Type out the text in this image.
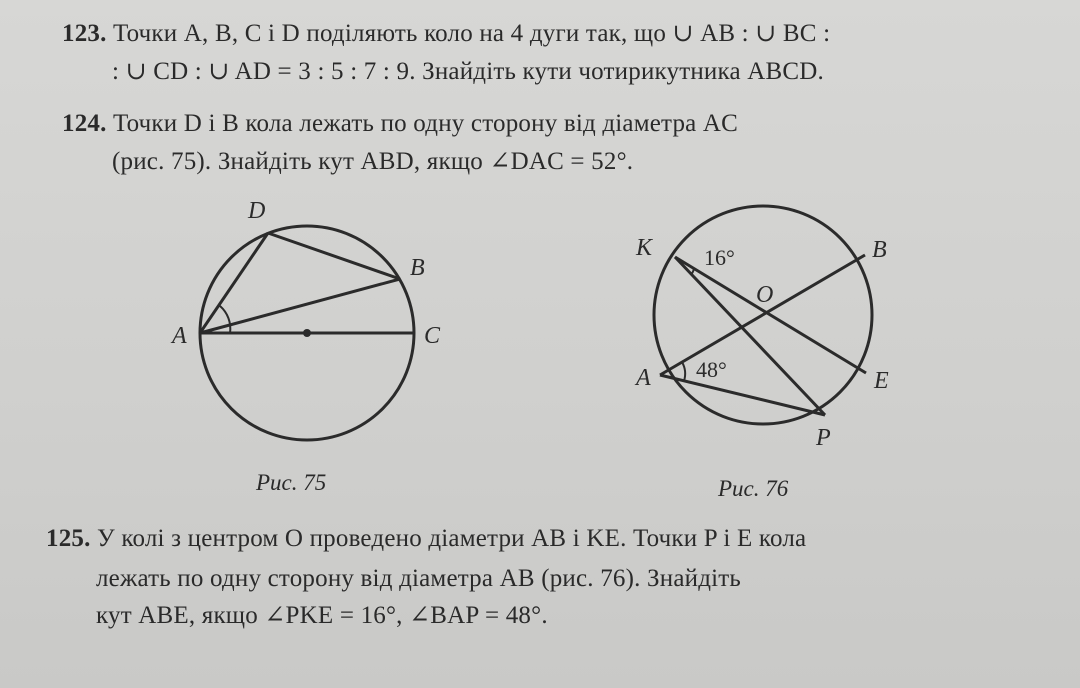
123. Точки A, B, C і D поділяють коло на 4 дуги так, що ∪ AB : ∪ BC :
: ∪ CD : ∪ AD = 3 : 5 : 7 : 9. Знайдіть кути чотирикутника ABCD.
124. Точки D і B кола лежать по одну сторону від діаметра AC
(рис. 75). Знайдіть кут ABD, якщо ∠DAC = 52°.
D
B
A	C
Рис. 75
K	B
O
A	E
P
16°
48°
Рис. 76
125. У колі з центром O проведено діаметри AB і KE. Точки P і E кола
лежать по одну сторону від діаметра AB (рис. 76). Знайдіть
кут ABE, якщо ∠PKE = 16°, ∠BAP = 48°.
